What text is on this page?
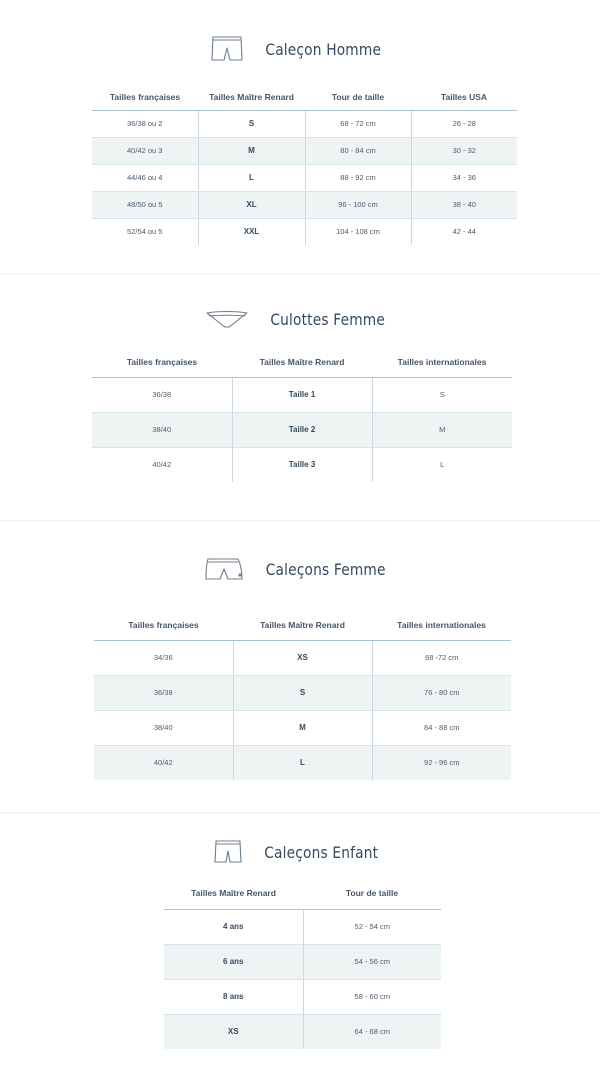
Caleçon Homme
Tailles françaises	Tailles Maître Renard	Tour de taille	Tailles USA
36/38 ou 2	S	68 - 72 cm	26 - 28
40/42 ou 3	M	80 - 84 cm	30 - 32
44/46 ou 4	L	88 - 92 cm	34 - 36
48/50 ou 5	XL	96 - 100 cm	38 - 40
52/54 ou 5	XXL	104 - 108 cm	42 - 44
Culottes Femme
Tailles françaises	Tailles Maître Renard	Tailles internationales
36/38	Taille 1	S
38/40	Taille 2	M
40/42	Taille 3	L
Caleçons Femme
Tailles françaises	Tailles Maître Renard	Tailles internationales
34/36	XS	68 -72 cm
36/38	S	76 - 80 cm
38/40	M	84 - 88 cm
40/42	L	92 - 96 cm
Caleçons Enfant
Tailles Maître Renard	Tour de taille
4 ans	52 - 54 cm
6 ans	54 - 56 cm
8 ans	58 - 60 cm
XS	64 - 68 cm
